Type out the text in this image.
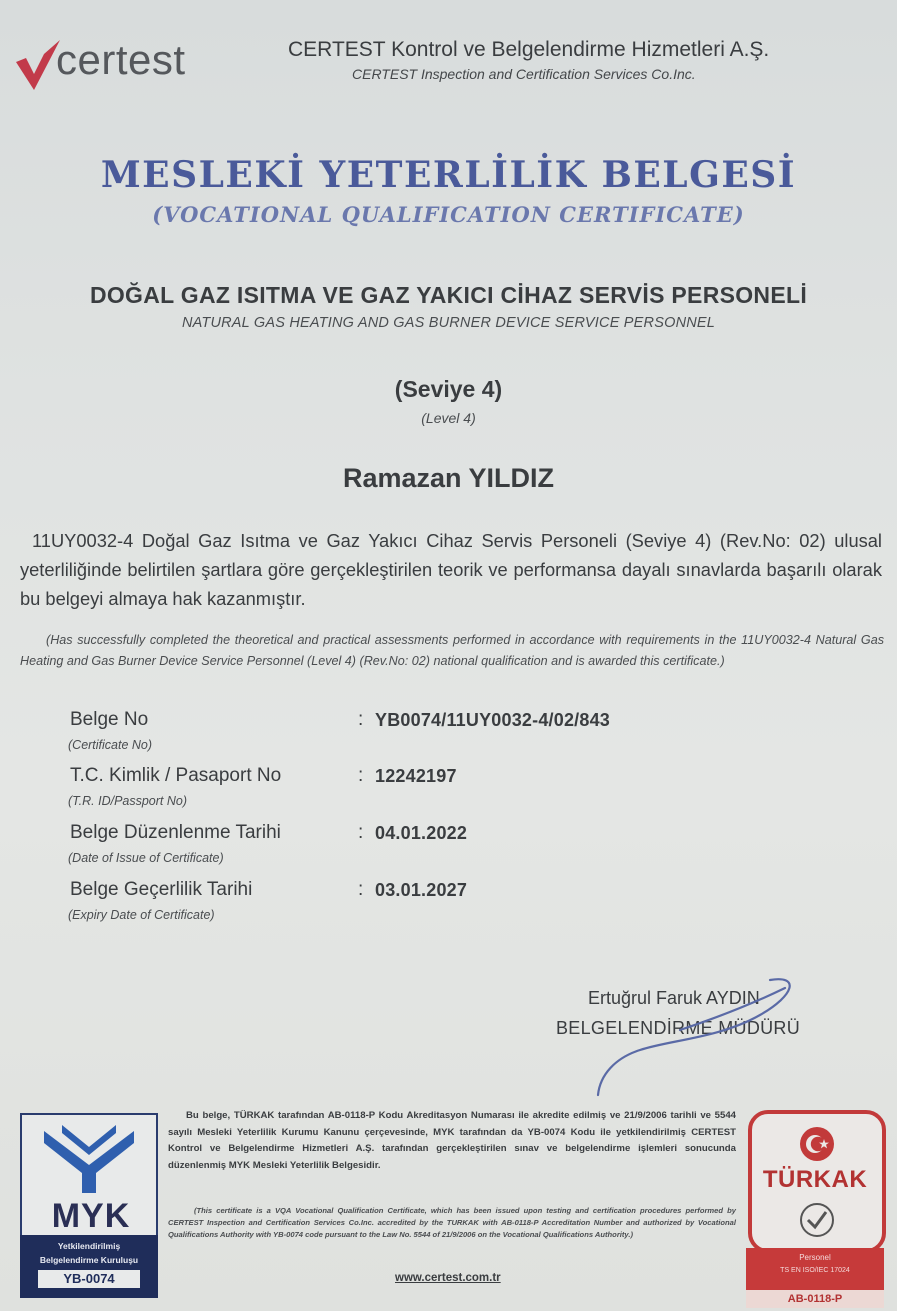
certest	CERTEST Kontrol ve Belgelendirme Hizmetleri A.Ş.
CERTEST Inspection and Certification Services Co.Inc.
MESLEKİ YETERLİLİK BELGESİ
(VOCATIONAL QUALIFICATION CERTIFICATE)
DOĞAL GAZ ISITMA VE GAZ YAKICI CİHAZ SERVİS PERSONELİ
NATURAL GAS HEATING AND GAS BURNER DEVICE SERVICE PERSONNEL
(Seviye 4)
(Level 4)
Ramazan YILDIZ
11UY0032-4 Doğal Gaz Isıtma ve Gaz Yakıcı Cihaz Servis Personeli (Seviye 4) (Rev.No: 02) ulusal yeterliliğinde belirtilen şartlara göre gerçekleştirilen teorik ve performansa dayalı sınavlarda başarılı olarak bu belgeyi almaya hak kazanmıştır.
(Has successfully completed the theoretical and practical assessments performed in accordance with requirements in the 11UY0032-4 Natural Gas Heating and Gas Burner Device Service Personnel (Level 4) (Rev.No: 02) national qualification and is awarded this certificate.)
Belge No
(Certificate No)
: YB0074/11UY0032-4/02/843
T.C. Kimlik / Pasaport No
(T.R. ID/Passport No)
: 12242197
Belge Düzenlenme Tarihi
(Date of Issue of Certificate)
: 04.01.2022
Belge Geçerlilik Tarihi
(Expiry Date of Certificate)
: 03.01.2027
Ertuğrul Faruk AYDIN
BELGELENDİRME MÜDÜRÜ
MYK
Yetkilendirilmiş
Belgelendirme Kuruluşu
YB-0074
Bu belge, TÜRKAK tarafından AB-0118-P Kodu Akreditasyon Numarası ile akredite edilmiş ve 21/9/2006 tarihli ve 5544 sayılı Mesleki Yeterlilik Kurumu Kanunu çerçevesinde, MYK tarafından da YB-0074 Kodu ile yetkilendirilmiş CERTEST Kontrol ve Belgelendirme Hizmetleri A.Ş. tarafından gerçekleştirilen sınav ve belgelendirme işlemleri sonucunda düzenlenmiş MYK Mesleki Yeterlilik Belgesidir.
(This certificate is a VQA Vocational Qualification Certificate, which has been issued upon testing and certification procedures performed by CERTEST Inspection and Certification Services Co.Inc. accredited by the TURKAK with AB-0118-P Accreditation Number and authorized by Vocational Qualifications Authority with YB-0074 code pursuant to the Law No. 5544 of 21/9/2006 on the Vocational Qualifications Authority.)
www.certest.com.tr
TÜRKAK
Personel
TS EN ISO/IEC 17024
AB-0118-P
